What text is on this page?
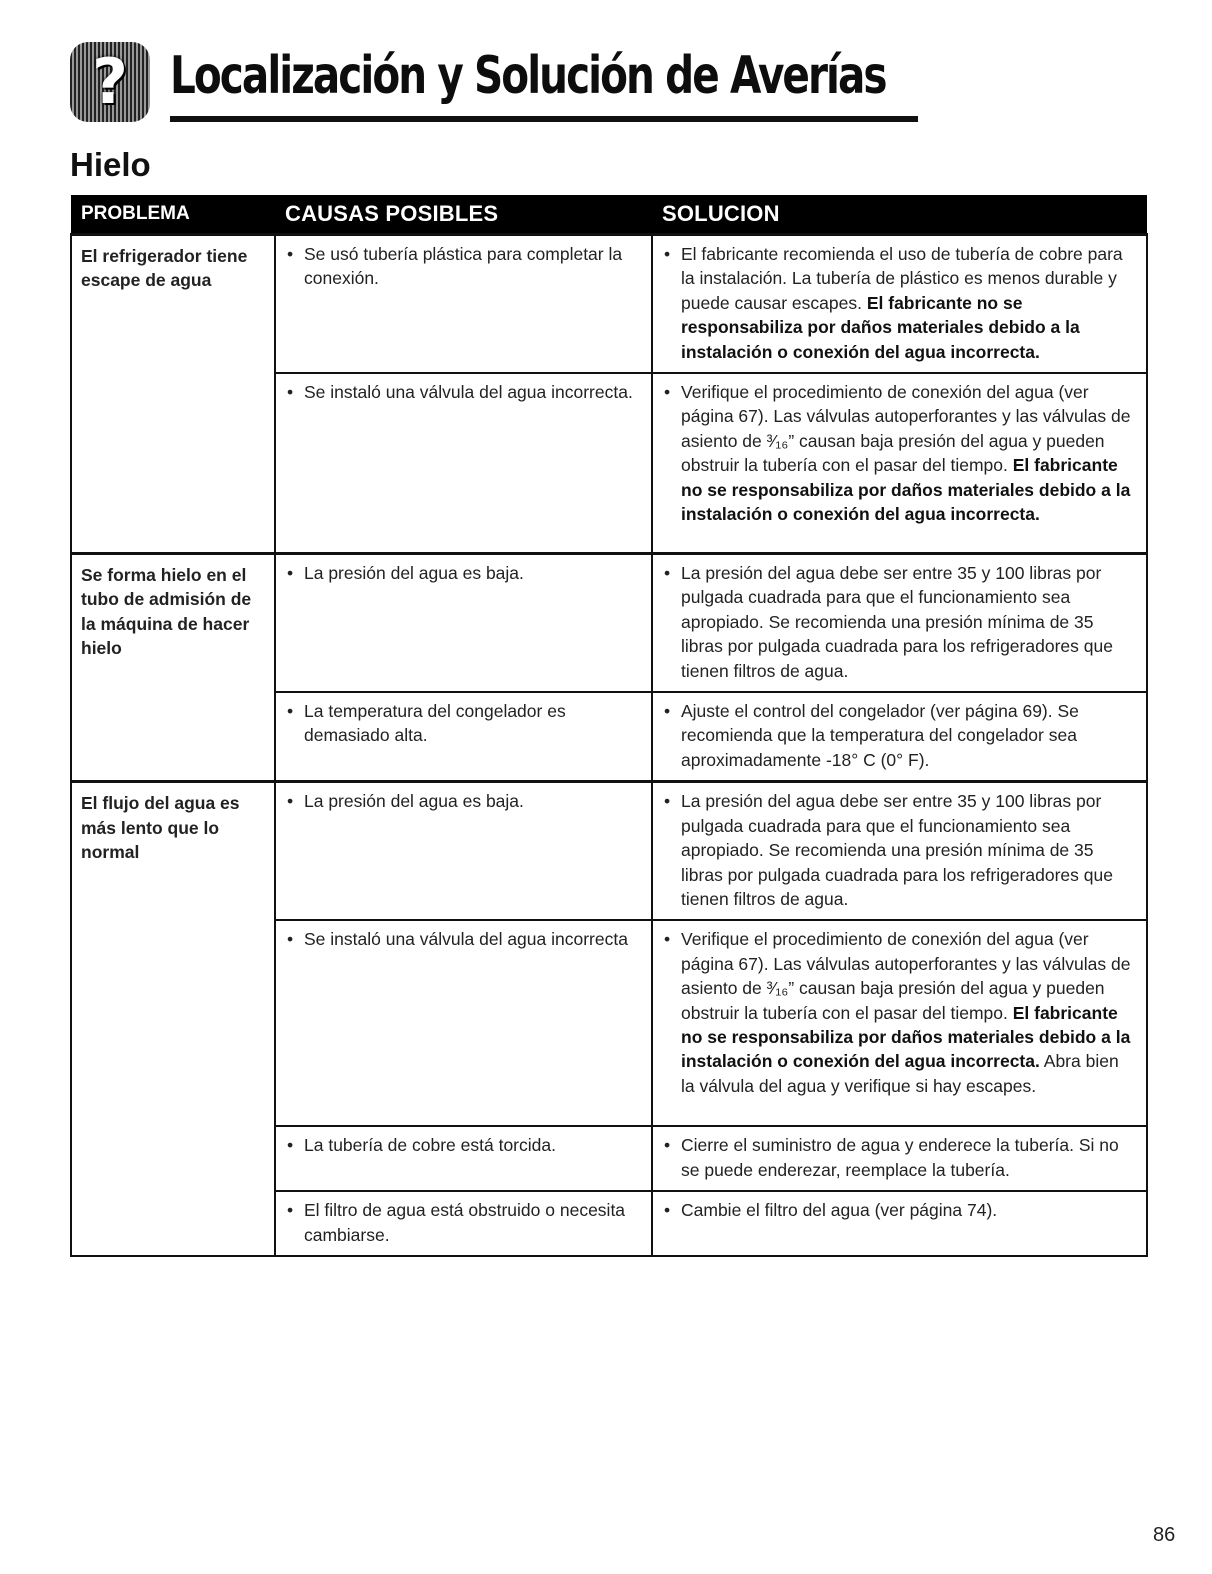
? Localización y Solución de Averías
Hielo
PROBLEMA	CAUSAS POSIBLES	SOLUCION
El refrigerador tiene escape de agua	• Se usó tubería plástica para completar la conexión.	• El fabricante recomienda el uso de tubería de cobre para la instalación. La tubería de plástico es menos durable y puede causar escapes. El fabricante no se responsabiliza por daños materiales debido a la instalación o conexión del agua incorrecta.

	• Se instaló una válvula del agua incorrecta.	• Verifique el procedimiento de conexión del agua (ver página 67). Las válvulas autoperforantes y las válvulas de asiento de ³⁄₁₆” causan baja presión del agua y pueden obstruir la tubería con el pasar del tiempo. El fabricante no se responsabiliza por daños materiales debido a la instalación o conexión del agua incorrecta.
Se forma hielo en el tubo de admisión de la máquina de hacer hielo	• La presión del agua es baja.	• La presión del agua debe ser entre 35 y 100 libras por pulgada cuadrada para que el funcionamiento sea apropiado. Se recomienda una presión mínima de 35 libras por pulgada cuadrada para los refrigeradores que tienen filtros de agua.

	• La temperatura del congelador es demasiado alta.	• Ajuste el control del congelador (ver página 69). Se recomienda que la temperatura del congelador sea aproximadamente -18° C (0° F).
El flujo del agua es más lento que lo normal	• La presión del agua es baja.	• La presión del agua debe ser entre 35 y 100 libras por pulgada cuadrada para que el funcionamiento sea apropiado. Se recomienda una presión mínima de 35 libras por pulgada cuadrada para los refrigeradores que tienen filtros de agua.

	• Se instaló una válvula del agua incorrecta	• Verifique el procedimiento de conexión del agua (ver página 67). Las válvulas autoperforantes y las válvulas de asiento de ³⁄₁₆” causan baja presión del agua y pueden obstruir la tubería con el pasar del tiempo. El fabricante no se responsabiliza por daños materiales debido a la instalación o conexión del agua incorrecta. Abra bien la válvula del agua y verifique si hay escapes.

	• La tubería de cobre está torcida.	• Cierre el suministro de agua y enderece la tubería. Si no se puede enderezar, reemplace la tubería.

	• El filtro de agua está obstruido o necesita cambiarse.	• Cambie el filtro del agua (ver página 74).
86
